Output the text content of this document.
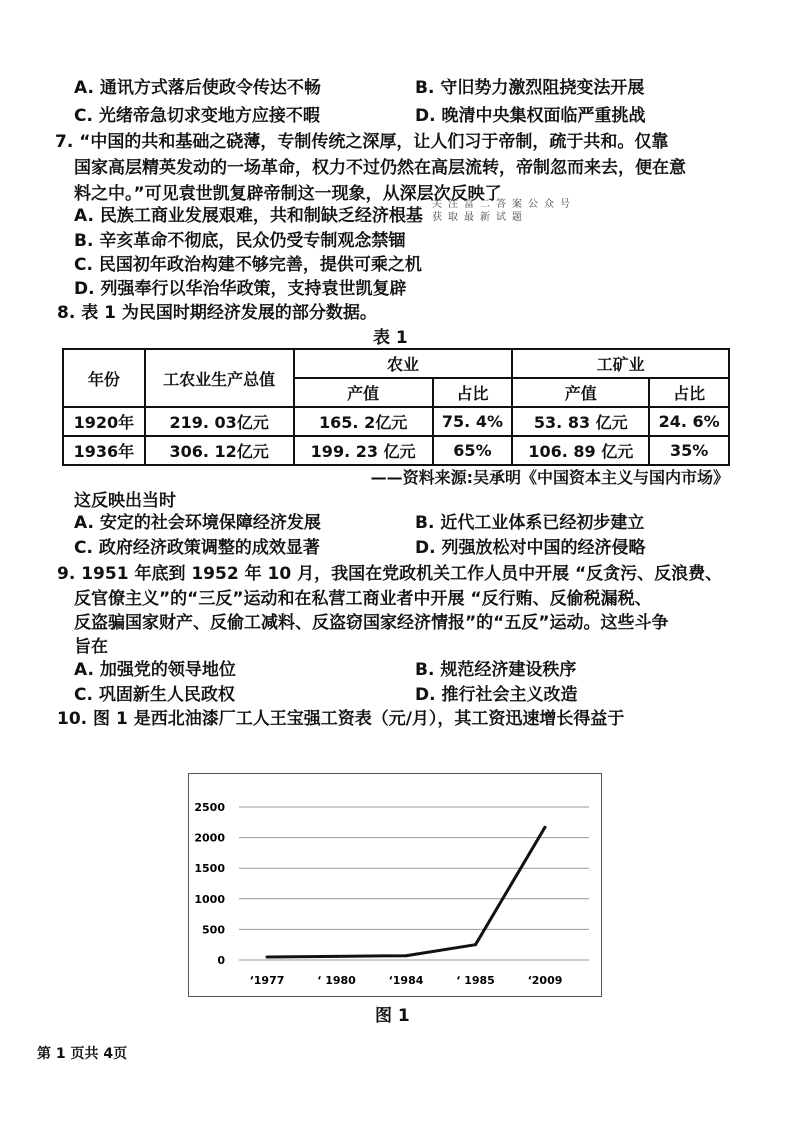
A. 通讯方式落后使政令传达不畅	B. 守旧势力激烈阻挠变法开展
C. 光绪帝急切求变地方应接不暇	D. 晚清中央集权面临严重挑战
7. “中国的共和基础之硗薄，专制传统之深厚，让人们习于帝制，疏于共和。仅靠
国家高层精英发动的一场革命，权力不过仍然在高层流转，帝制忽而来去，便在意
料之中。”可见袁世凯复辟帝制这一现象，从深层次反映了
A. 民族工商业发展艰难，共和制缺乏经济根基
关注富二答案公众号
获取最新试题
B. 辛亥革命不彻底，民众仍受专制观念禁锢
C. 民国初年政治构建不够完善，提供可乘之机
D. 列强奉行以华治华政策，支持袁世凯复辟
8. 表 1 为民国时期经济发展的部分数据。
表 1
年份	工农业生产总值	农业		工矿业	
		产值	占比	产值	占比
1920年	219. 03亿元	165. 2亿元	75. 4%	53. 83 亿元	24. 6%
1936年	306. 12亿元	199. 23 亿元	65%	106. 89 亿元	35%
——资料来源:吴承明《中国资本主义与国内市场》
这反映出当时
A. 安定的社会环境保障经济发展	B. 近代工业体系已经初步建立
C. 政府经济政策调整的成效显著	D. 列强放松对中国的经济侵略
9. 1951 年底到 1952 年 10 月，我国在党政机关工作人员中开展 “反贪污、反浪费、
反官僚主义”的“三反”运动和在私营工商业者中开展 “反行贿、反偷税漏税、
反盗骗国家财产、反偷工减料、反盗窃国家经济情报”的“五反”运动。这些斗争
旨在
A. 加强党的领导地位	B. 规范经济建设秩序
C. 巩固新生人民政权	D. 推行社会主义改造
10. 图 1 是西北油漆厂工人王宝强工资表（元/月），其工资迅速增长得益于
0
500
1000
1500
2000
2500
‘1977	‘ 1980	‘1984	‘ 1985	‘2009
图 1
第 1 页共 4页
